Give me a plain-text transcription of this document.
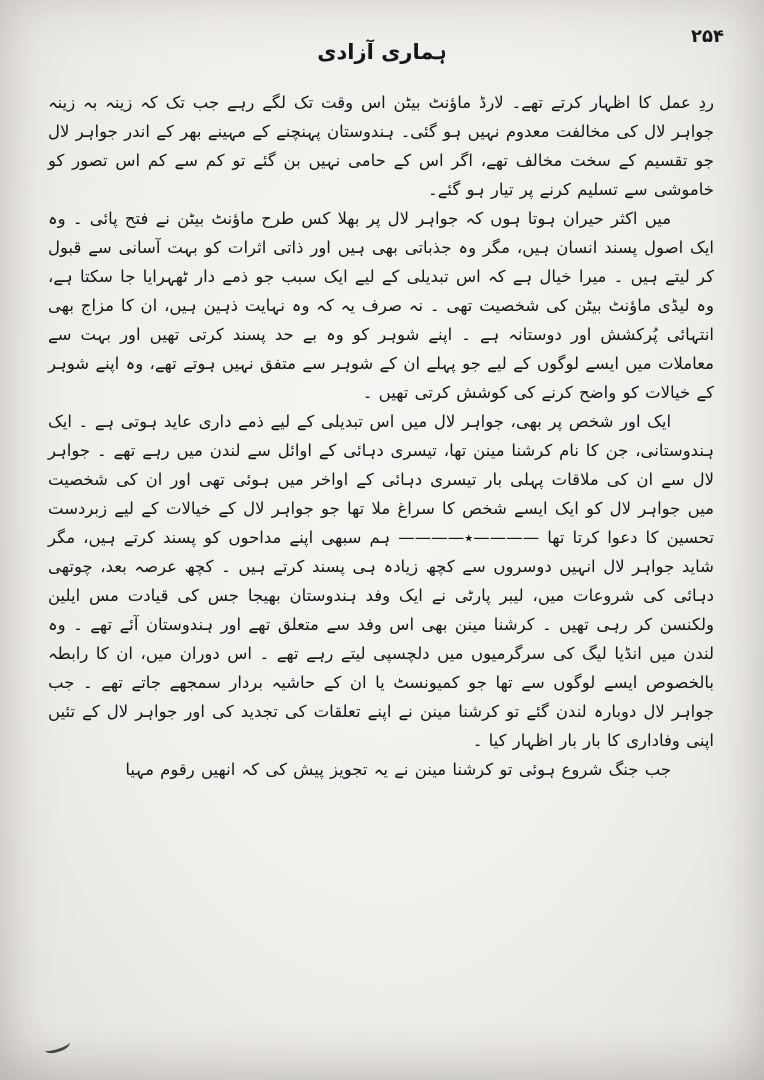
ہماری آزادی
۲۵۴

ردِ عمل کا اظہار کرتے تھے۔ لارڈ ماؤنٹ بیٹن اس وقت تک لگے رہے جب تک کہ زینہ بہ زینہ جواہر لال کی مخالفت معدوم نہیں ہو گئی۔ ہندوستان پہنچنے کے مہینے بھر کے اندر جواہر لال جو تقسیم کے سخت مخالف تھے، اگر اس کے حامی نہیں بن گئے تو کم سے کم اس تصور کو خاموشی سے تسلیم کرنے پر تیار ہو گئے۔

میں اکثر حیران ہوتا ہوں کہ جواہر لال پر بھلا کس طرح ماؤنٹ بیٹن نے فتح پائی ۔ وہ ایک اصول پسند انسان ہیں، مگر وہ جذباتی بھی ہیں اور ذاتی اثرات کو بہت آسانی سے قبول کر لیتے ہیں ۔ میرا خیال ہے کہ اس تبدیلی کے لیے ایک سبب جو ذمے دار ٹھہرایا جا سکتا ہے، وہ لیڈی ماؤنٹ بیٹن کی شخصیت تھی ۔ نہ صرف یہ کہ وہ نہایت ذہین ہیں، ان کا مزاج بھی انتہائی پُرکشش اور دوستانہ ہے ۔ اپنے شوہر کو وہ بے حد پسند کرتی تھیں اور بہت سے معاملات میں ایسے لوگوں کے لیے جو پہلے ان کے شوہر سے متفق نہیں ہوتے تھے، وہ اپنے شوہر کے خیالات کو واضح کرنے کی کوشش کرتی تھیں ۔

ایک اور شخص پر بھی، جواہر لال میں اس تبدیلی کے لیے ذمے داری عاید ہوتی ہے ۔ ایک ہندوستانی، جن کا نام کرشنا مینن تھا، تیسری دہائی کے اوائل سے لندن میں رہے تھے ۔ جواہر لال سے ان کی ملاقات پہلی بار تیسری دہائی کے اواخر میں ہوئی تھی اور ان کی شخصیت میں جواہر لال کو ایک ایسے شخص کا سراغ ملا تھا جو جواہر لال کے خیالات کے لیے زبردست تحسین کا دعوا کرتا تھا ————٭———— ہم سبھی اپنے مداحوں کو پسند کرتے ہیں، مگر شاید جواہر لال انہیں دوسروں سے کچھ زیادہ ہی پسند کرتے ہیں ۔ کچھ عرصہ بعد، چوتھی دہائی کی شروعات میں، لیبر پارٹی نے ایک وفد ہندوستان بھیجا جس کی قیادت مس ایلین ولکنسن کر رہی تھیں ۔ کرشنا مینن بھی اس وفد سے متعلق تھے اور ہندوستان آئے تھے ۔ وہ لندن میں انڈیا لیگ کی سرگرمیوں میں دلچسپی لیتے رہے تھے ۔ اس دوران میں، ان کا رابطہ بالخصوص ایسے لوگوں سے تھا جو کمیونسٹ یا ان کے حاشیہ بردار سمجھے جاتے تھے ۔ جب جواہر لال دوبارہ لندن گئے تو کرشنا مینن نے اپنے تعلقات کی تجدید کی اور جواہر لال کے تئیں اپنی وفاداری کا بار بار اظہار کیا ۔

جب جنگ شروع ہوئی تو کرشنا مینن نے یہ تجویز پیش کی کہ انھیں رقوم مہیا
